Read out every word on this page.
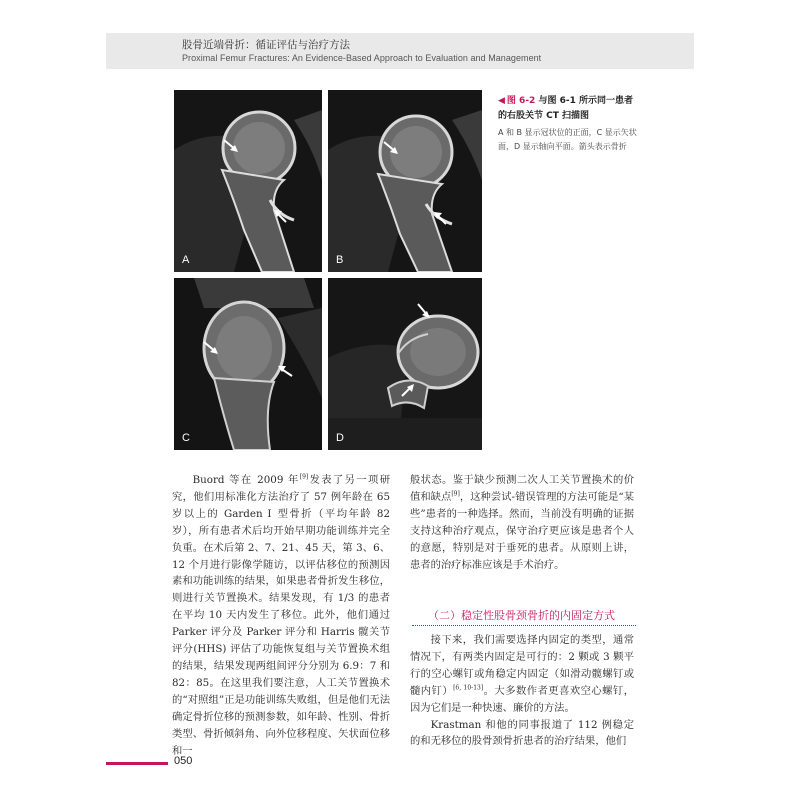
股骨近端骨折：循证评估与治疗方法
Proximal Femur Fractures: An Evidence-Based Approach to Evaluation and Management
A	B
C	D
◀ 图 6-2 与图 6-1 所示同一患者的右股关节 CT 扫描图
A 和 B 显示冠状位的正面，C 显示矢状面，D 显示轴向平面。箭头表示骨折

Buord 等在 2009 年[9]发表了另一项研究，他们用标准化方法治疗了 57 例年龄在 65 岁以上的 Garden Ⅰ 型骨折（平均年龄 82 岁），所有患者术后均开始早期功能训练并完全负重。在术后第 2、7、21、45 天，第 3、6、12 个月进行影像学随访，以评估移位的预测因素和功能训练的结果，如果患者骨折发生移位，则进行关节置换术。结果发现，有 1/3 的患者在平均 10 天内发生了移位。此外，他们通过 Parker 评分及 Parker 评分和 Harris 髋关节评分(HHS) 评估了功能恢复组与关节置换术组的结果，结果发现两组间评分分别为 6.9：7 和 82：85。在这里我们要注意，人工关节置换术的“对照组”正是功能训练失败组，但是他们无法确定骨折位移的预测参数，如年龄、性别、骨折类型、骨折倾斜角、向外位移程度、矢状面位移和一

般状态。鉴于缺少预测二次人工关节置换术的价值和缺点[9]，这种尝试-错误管理的方法可能是“某些”患者的一种选择。然而，当前没有明确的证据支持这种治疗观点，保守治疗更应该是患者个人的意愿，特别是对于垂死的患者。从原则上讲，患者的治疗标准应该是手术治疗。

（二）稳定性股骨颈骨折的内固定方式

接下来，我们需要选择内固定的类型，通常情况下，有两类内固定是可行的：2 颗或 3 颗平行的空心螺钉或角稳定内固定（如滑动髋螺钉或髓内钉）[6, 10-13]。大多数作者更喜欢空心螺钉，因为它们是一种快速、廉价的方法。

Krastman 和他的同事报道了 112 例稳定的和无移位的股骨颈骨折患者的治疗结果，他们

050
